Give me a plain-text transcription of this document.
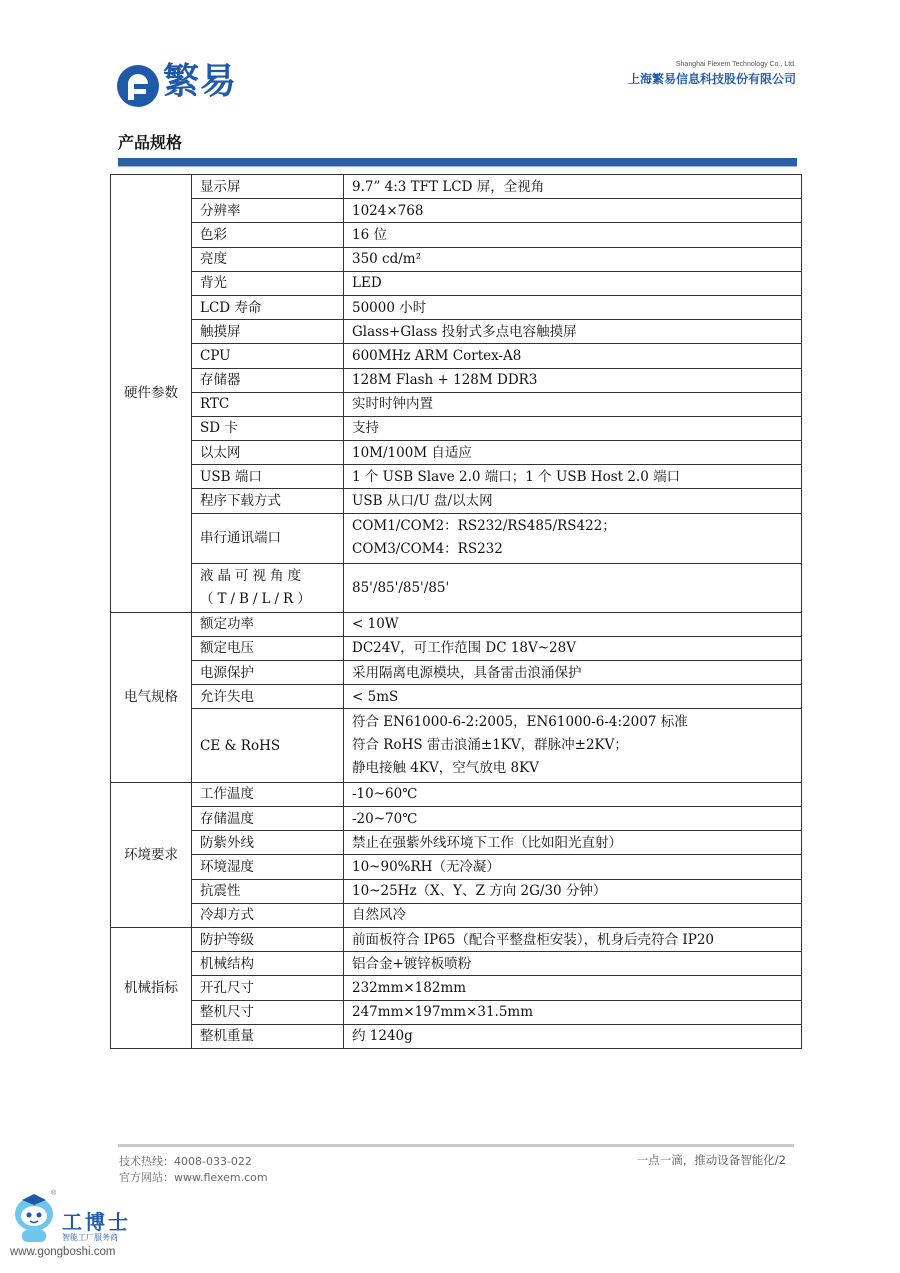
繁易	Shanghai Flexem Technology Co., Ltd.
上海繁易信息科技股份有限公司
产品规格
硬件参数	显示屏	9.7” 4:3 TFT LCD 屏，全视角

	分辨率	1024×768

	色彩	16 位

	亮度	350 cd/m²

	背光	LED

	LCD 寿命	50000 小时

	触摸屏	Glass+Glass 投射式多点电容触摸屏

	CPU	600MHz ARM Cortex-A8

	存储器	128M Flash + 128M DDR3

	RTC	实时时钟内置

	SD 卡	支持

	以太网	10M/100M 自适应

	USB 端口	1 个 USB Slave 2.0 端口；1 个 USB Host 2.0 端口

	程序下载方式	USB 从口/U 盘/以太网

	串行通讯端口	COM1/COM2：RS232/RS485/RS422；
COM3/COM4：RS232

	液晶可视角度（T/B/L/R）	85'/85'/85'/85'

电气规格	额定功率	< 10W

	额定电压	DC24V，可工作范围 DC 18V~28V

	电源保护	采用隔离电源模块，具备雷击浪涌保护

	允许失电	< 5mS

	CE & RoHS	符合 EN61000-6-2:2005，EN61000-6-4:2007 标准
符合 RoHS 雷击浪涌±1KV，群脉冲±2KV；
静电接触 4KV，空气放电 8KV

环境要求	工作温度	-10~60℃

	存储温度	-20~70℃

	防紫外线	禁止在强紫外线环境下工作（比如阳光直射）

	环境湿度	10~90%RH（无冷凝）

	抗震性	10~25Hz（X、Y、Z 方向 2G/30 分钟）

	冷却方式	自然风冷

机械指标	防护等级	前面板符合 IP65（配合平整盘柜安装），机身后壳符合 IP20

	机械结构	铝合金+镀锌板喷粉

	开孔尺寸	232mm×182mm

	整机尺寸	247mm×197mm×31.5mm

	整机重量	约 1240g
技术热线：4008-033-022
官方网站：www.flexem.com
一点一滴，推动设备智能化/2
®
工博士
智能工厂服务商
www.gongboshi.com
